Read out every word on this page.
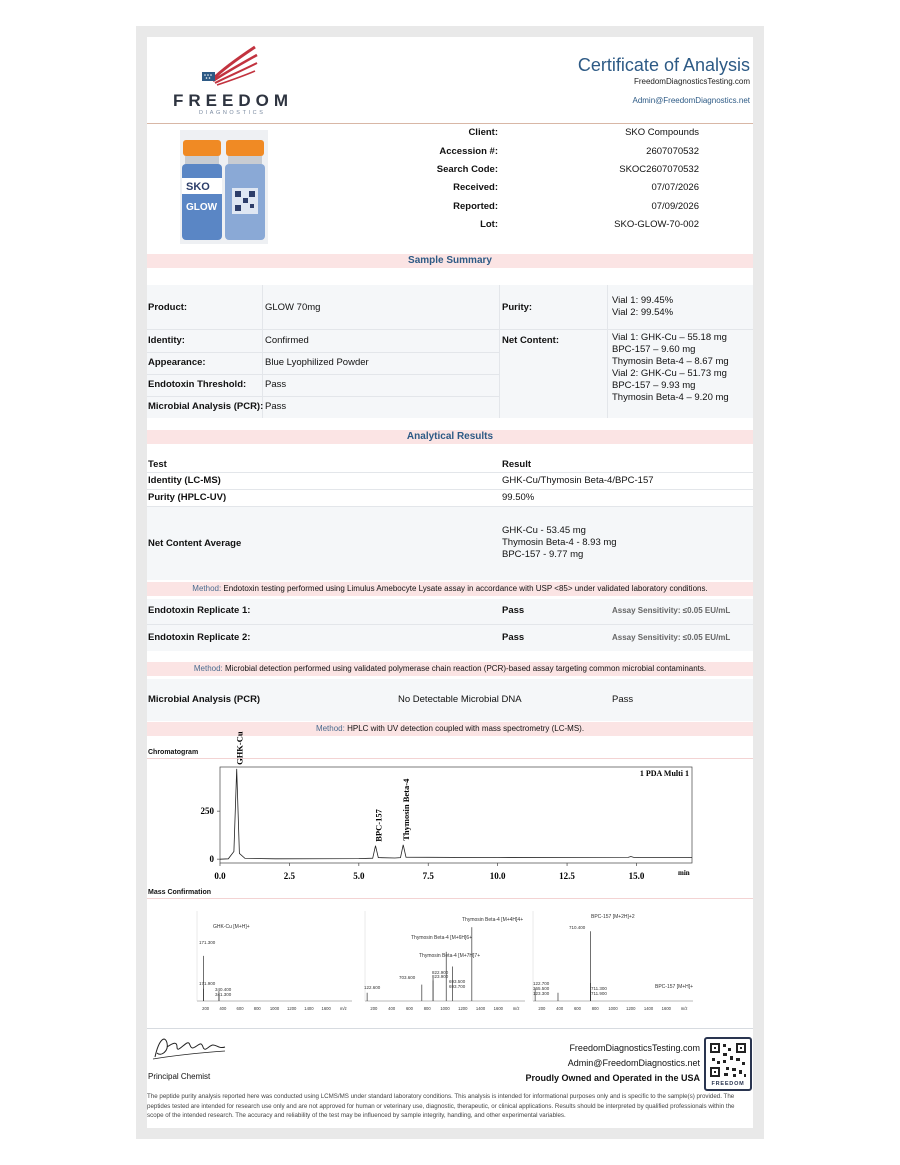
FREEDOM
DIAGNOSTICS
Certificate of Analysis
FreedomDiagnosticsTesting.com
Admin@FreedomDiagnostics.net
SKO
GLOW
Client:	SKO Compounds
Accession #:	2607070532
Search Code:	SKOC2607070532
Received:	07/07/2026
Reported:	07/09/2026
Lot:	SKO-GLOW-70-002
Sample Summary
Product:	GLOW 70mg
Identity:	Confirmed
Appearance:	Blue Lyophilized Powder
Endotoxin Threshold: Pass
Microbial Analysis (PCR): Pass
Purity:
Vial 1: 99.45%
Vial 2: 99.54%
Net Content:	Vial 1: GHK-Cu – 55.18 mg
BPC-157 – 9.60 mg
Thymosin Beta-4 – 8.67 mg
Vial 2: GHK-Cu – 51.73 mg
BPC-157 – 9.93 mg
Thymosin Beta-4 – 9.20 mg
Analytical Results
Test	Result
Identity (LC-MS)	GHK-Cu/Thymosin Beta-4/BPC-157
Purity (HPLC-UV)	99.50%
Net Content Average
GHK-Cu - 53.45 mg
Thymosin Beta-4 - 8.93 mg
BPC-157 - 9.77 mg
Method: Endotoxin testing performed using Limulus Amebocyte Lysate assay in accordance with USP <85> under validated laboratory conditions.
Endotoxin Replicate 1:	Pass	Assay Sensitivity: ≤0.05 EU/mL
Endotoxin Replicate 2:	Pass	Assay Sensitivity: ≤0.05 EU/mL
Method: Microbial detection performed using validated polymerase chain reaction (PCR)-based assay targeting common microbial contaminants.
Microbial Analysis (PCR)	No Detectable Microbial DNA	Pass
Method: HPLC with UV detection coupled with mass spectrometry (LC-MS).
Chromatogram
0.0	2.5	5.0	7.5	10.0	12.5	15.0	min
0
250
1 PDA Multi 1
GHK-Cu
BPC-157 Thymosin Beta-4
Mass Confirmation
200 400 600 800 1000 1200 1400 1600 m/z	200	400	600	800 1000 1200 1400 1600 m/z	200	400	600	800 1000 1200 1400 1600 m/z
GHK-Cu [M+H]+
171.300
171.900
340.400
341.300
Thymosin Beta-4 [M+4H]4+
Thymosin Beta-4 [M+6H]6+
Thymosin Beta-4 [M+7H]7+
122.600
703.600
822.900
823.900
693.500
693.700
BPC-157 [M+2H]+2
BPC-157 [M+H]+
710.400
122.700
365.500
123.300
711.300
711.900
Principal Chemist
FreedomDiagnosticsTesting.com
Admin@FreedomDiagnostics.net
Proudly Owned and Operated in the USA
FREEDOM
The peptide purity analysis reported here was conducted using LCMS/MS under standard laboratory conditions. This analysis is intended for informational purposes only and is specific to the sample(s) provided. The peptides tested are intended for research use only and are not approved for human or veterinary use, diagnostic, therapeutic, or clinical applications. Results should be interpreted by qualified professionals within the scope of the intended research. The accuracy and reliability of the test may be influenced by sample integrity, handling, and other experimental variables.
